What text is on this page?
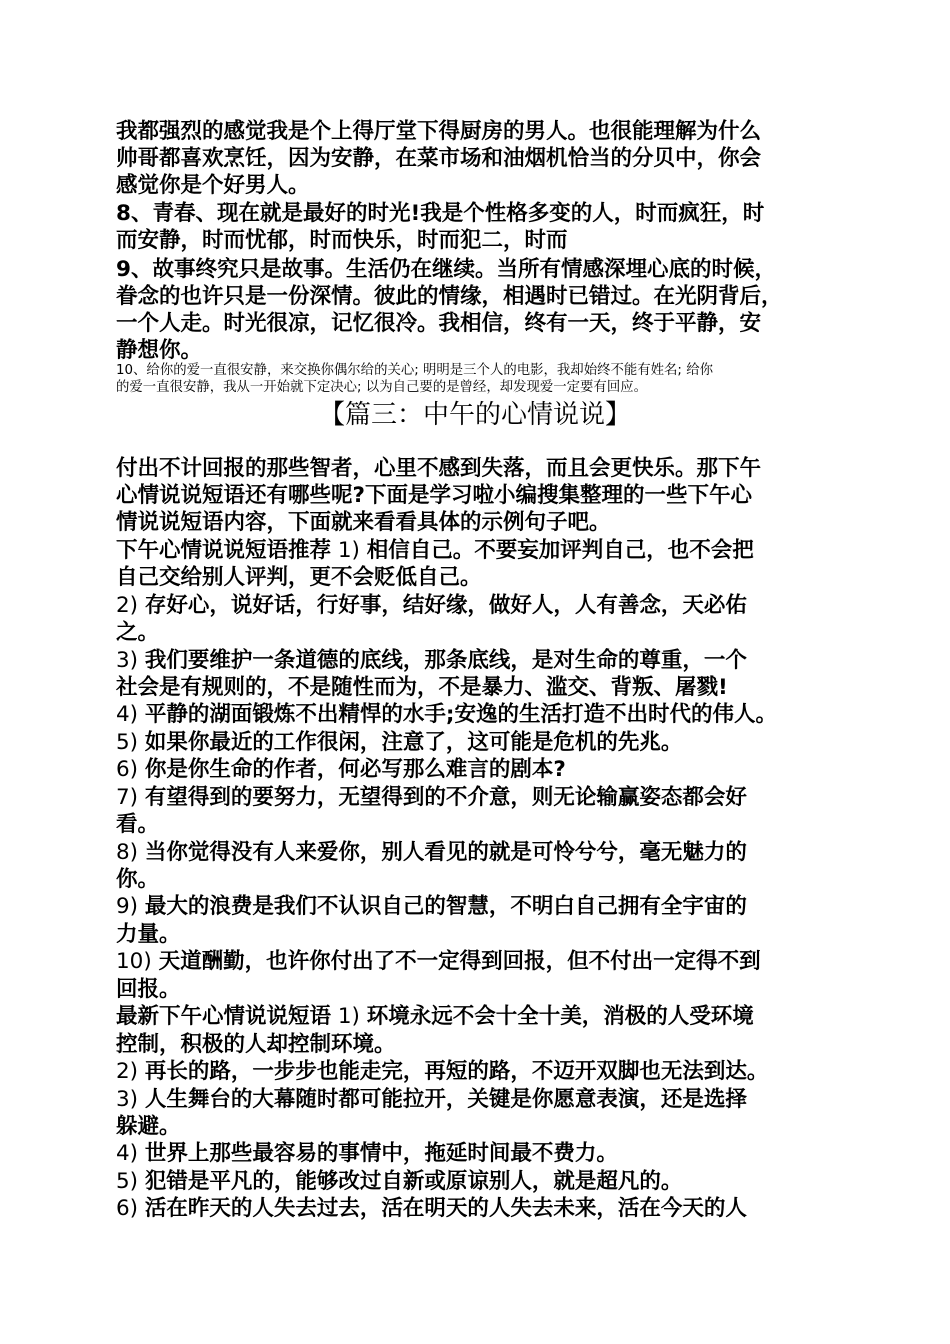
我都强烈的感觉我是个上得厅堂下得厨房的男人。也很能理解为什么

帅哥都喜欢烹饪，因为安静，在菜市场和油烟机恰当的分贝中，你会

感觉你是个好男人。

8、青春、现在就是最好的时光!我是个性格多变的人，时而疯狂，时

而安静，时而忧郁，时而快乐，时而犯二，时而

9、故事终究只是故事。生活仍在继续。当所有情感深埋心底的时候，

眷念的也许只是一份深情。彼此的情缘，相遇时已错过。在光阴背后，

一个人走。时光很凉，记忆很冷。我相信，终有一天，终于平静，安

静想你。

10、给你的爱一直很安静，来交换你偶尔给的关心; 明明是三个人的电影，我却始终不能有姓名; 给你

的爱一直很安静，我从一开始就下定决心; 以为自己要的是曾经，却发现爱一定要有回应。

【篇三：中午的心情说说】

付出不计回报的那些智者，心里不感到失落，而且会更快乐。那下午

心情说说短语还有哪些呢?下面是学习啦小编搜集整理的一些下午心

情说说短语内容，下面就来看看具体的示例句子吧。

下午心情说说短语推荐 1) 相信自己。不要妄加评判自己，也不会把

自己交给别人评判，更不会贬低自己。

2) 存好心，说好话，行好事，结好缘，做好人，人有善念，天必佑

之。

3) 我们要维护一条道德的底线，那条底线，是对生命的尊重，一个

社会是有规则的，不是随性而为，不是暴力、滥交、背叛、屠戮!

4) 平静的湖面锻炼不出精悍的水手;安逸的生活打造不出时代的伟人。

5) 如果你最近的工作很闲，注意了，这可能是危机的先兆。

6) 你是你生命的作者，何必写那么难言的剧本?

7) 有望得到的要努力，无望得到的不介意，则无论输赢姿态都会好

看。

8) 当你觉得没有人来爱你，别人看见的就是可怜兮兮，毫无魅力的

你。

9) 最大的浪费是我们不认识自己的智慧，不明白自己拥有全宇宙的

力量。

10) 天道酬勤，也许你付出了不一定得到回报，但不付出一定得不到

回报。

最新下午心情说说短语 1) 环境永远不会十全十美，消极的人受环境

控制，积极的人却控制环境。

2) 再长的路，一步步也能走完，再短的路，不迈开双脚也无法到达。

3) 人生舞台的大幕随时都可能拉开，关键是你愿意表演，还是选择

躲避。

4) 世界上那些最容易的事情中，拖延时间最不费力。

5) 犯错是平凡的，能够改过自新或原谅别人，就是超凡的。

6) 活在昨天的人失去过去，活在明天的人失去未来，活在今天的人
